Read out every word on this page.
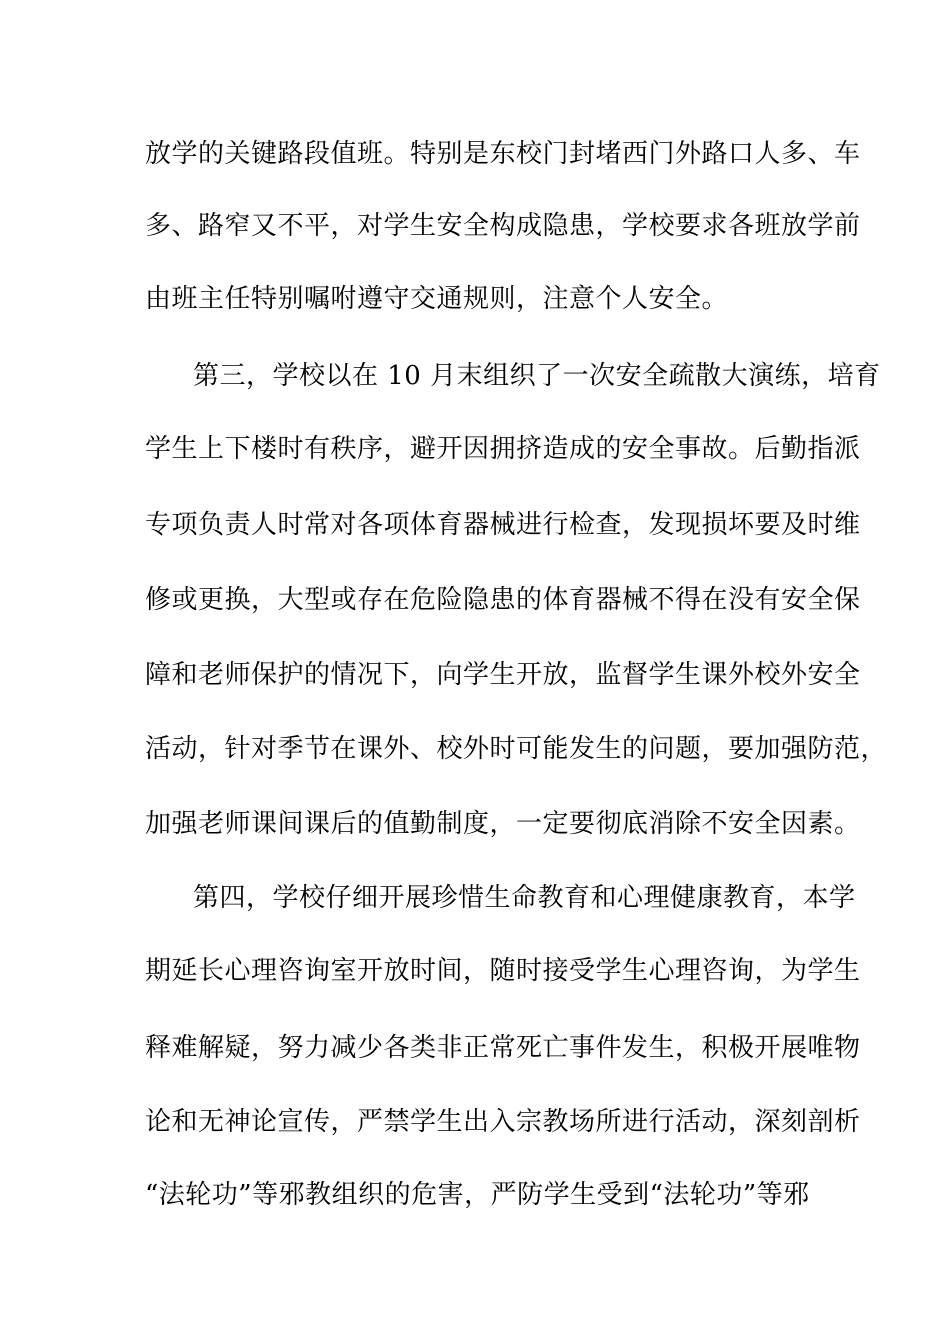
放学的关键路段值班。特别是东校门封堵西门外路口人多、车
多、路窄又不平，对学生安全构成隐患，学校要求各班放学前
由班主任特别嘱咐遵守交通规则，注意个人安全。
第三，学校以在 10 月末组织了一次安全疏散大演练，培育
学生上下楼时有秩序，避开因拥挤造成的安全事故。后勤指派
专项负责人时常对各项体育器械进行检查，发现损坏要及时维
修或更换，大型或存在危险隐患的体育器械不得在没有安全保
障和老师保护的情况下，向学生开放，监督学生课外校外安全
活动，针对季节在课外、校外时可能发生的问题，要加强防范，
加强老师课间课后的值勤制度，一定要彻底消除不安全因素。
第四，学校仔细开展珍惜生命教育和心理健康教育，本学
期延长心理咨询室开放时间，随时接受学生心理咨询，为学生
释难解疑，努力减少各类非正常死亡事件发生，积极开展唯物
论和无神论宣传，严禁学生出入宗教场所进行活动，深刻剖析
“法轮功”等邪教组织的危害，严防学生受到“法轮功”等邪
